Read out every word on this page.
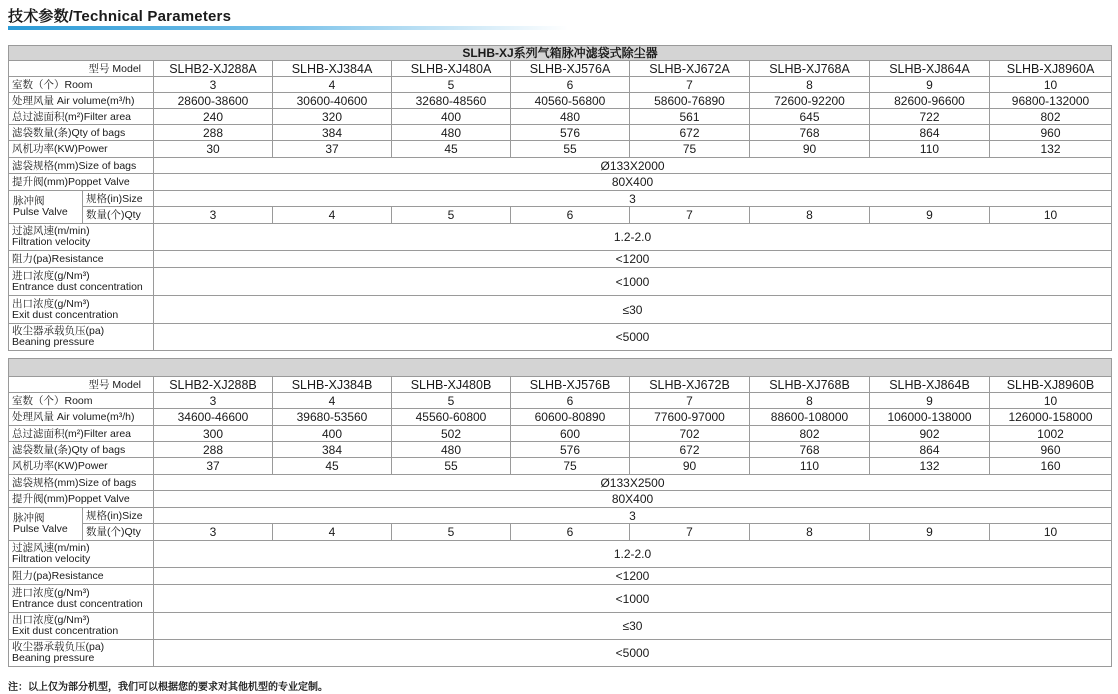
技术参数/Technical Parameters
SLHB-XJ系列气箱脉冲滤袋式除尘器									
型号 Model		SLHB2-XJ288A	SLHB-XJ384A	SLHB-XJ480A	SLHB-XJ576A	SLHB-XJ672A	SLHB-XJ768A	SLHB-XJ864A	SLHB-XJ8960A
室数（个）Room		3	4	5	6	7	8	9	10
处理风量 Air volume(m³/h)		28600-38600	30600-40600	32680-48560	40560-56800	58600-76890	72600-92200	82600-96600	96800-132000
总过滤面积(m²)Filter area		240	320	400	480	561	645	722	802
滤袋数量(条)Qty of bags		288	384	480	576	672	768	864	960
风机功率(KW)Power		30	37	45	55	75	90	110	132
滤袋规格(mm)Size of bags		Ø133X2000							
提升阀(mm)Poppet Valve		80X400							
脉冲阀
Pulse Valve	规格(in)Size	3							
	数量(个)Qty	3	4	5	6	7	8	9	10
过滤风速(m/min)
Filtration velocity		1.2-2.0							
阻力(pa)Resistance		<1200							
进口浓度(g/Nm³)
Entrance dust concentration		<1000							
出口浓度(g/Nm³)
Exit dust concentration		≤30							
收尘器承载负压(pa)
Beaning pressure		<5000							

型号 Model		SLHB2-XJ288B	SLHB-XJ384B	SLHB-XJ480B	SLHB-XJ576B	SLHB-XJ672B	SLHB-XJ768B	SLHB-XJ864B	SLHB-XJ8960B
室数（个）Room		3	4	5	6	7	8	9	10
处理风量 Air volume(m³/h)		34600-46600	39680-53560	45560-60800	60600-80890	77600-97000	88600-108000	106000-138000	126000-158000
总过滤面积(m²)Filter area		300	400	502	600	702	802	902	1002
滤袋数量(条)Qty of bags		288	384	480	576	672	768	864	960
风机功率(KW)Power		37	45	55	75	90	110	132	160
滤袋规格(mm)Size of bags		Ø133X2500							
提升阀(mm)Poppet Valve		80X400							
脉冲阀
Pulse Valve	规格(in)Size	3							
	数量(个)Qty	3	4	5	6	7	8	9	10
过滤风速(m/min)
Filtration velocity		1.2-2.0							
阻力(pa)Resistance		<1200							
进口浓度(g/Nm³)
Entrance dust concentration		<1000							
出口浓度(g/Nm³)
Exit dust concentration		≤30							
收尘器承载负压(pa)
Beaning pressure		<5000							
注：以上仅为部分机型，我们可以根据您的要求对其他机型的专业定制。
